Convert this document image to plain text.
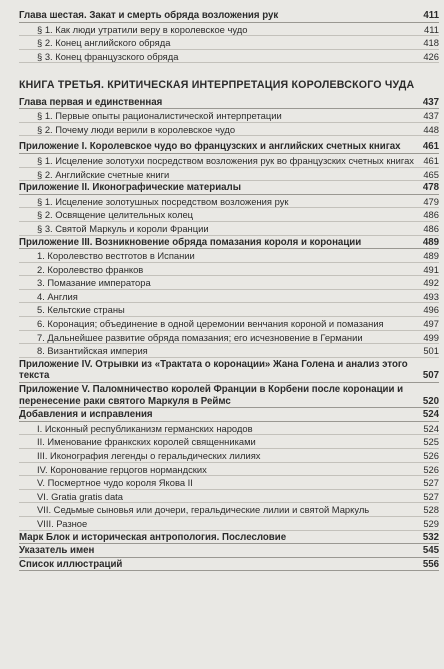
Глава шестая. Закат и смерть обряда возложения рук	411
§ 1. Как люди утратили веру в королевское чудо	411
§ 2. Конец английского обряда	418
§ 3. Конец французского обряда	426
КНИГА ТРЕТЬЯ. КРИТИЧЕСКАЯ ИНТЕРПРЕТАЦИЯ КОРОЛЕВСКОГО ЧУДА
Глава первая и единственная	437
§ 1. Первые опыты рационалистической интерпретации	437
§ 2. Почему люди верили в королевское чудо	448
Приложение I. Королевское чудо во французских и английских счетных книгах	461
§ 1. Исцеление золотухи посредством возложения рук во французских счетных книгах 461
§ 2. Английские счетные книги	465
Приложение II. Иконографические материалы	478
§ 1. Исцеление золотушных посредством возложения рук	479
§ 2. Освящение целительных колец	486
§ 3. Святой Маркуль и короли Франции	486
Приложение III. Возникновение обряда помазания короля и коронации	489
1. Королевство вестготов в Испании	489
2. Королевство франков	491
3. Помазание императора	492
4. Англия	493
5. Кельтские страны	496
6. Коронация; объединение в одной церемонии венчания короной и помазания	497
7. Дальнейшее развитие обряда помазания; его исчезновение в Германии	499
8. Византийская империя	501
Приложение IV. Отрывки из «Трактата о коронации» Жана Голена и анализ этого текста	507
Приложение V. Паломничество королей Франции в Корбени после коронации и перенесение раки святого Маркуля в Реймс	520
Добавления и исправления	524
I. Исконный республиканизм германских народов	524
II. Именование франкских королей священниками	525
III. Иконография легенды о геральдических лилиях	526
IV. Коронование герцогов нормандских	526
V. Посмертное чудо короля Якова II	527
VI. Gratia gratis data	527
VII. Седьмые сыновья или дочери, геральдические лилии и святой Маркуль	528
VIII. Разное	529
Марк Блок и историческая антропология. Послесловие	532
Указатель имен	545
Список иллюстраций	556
